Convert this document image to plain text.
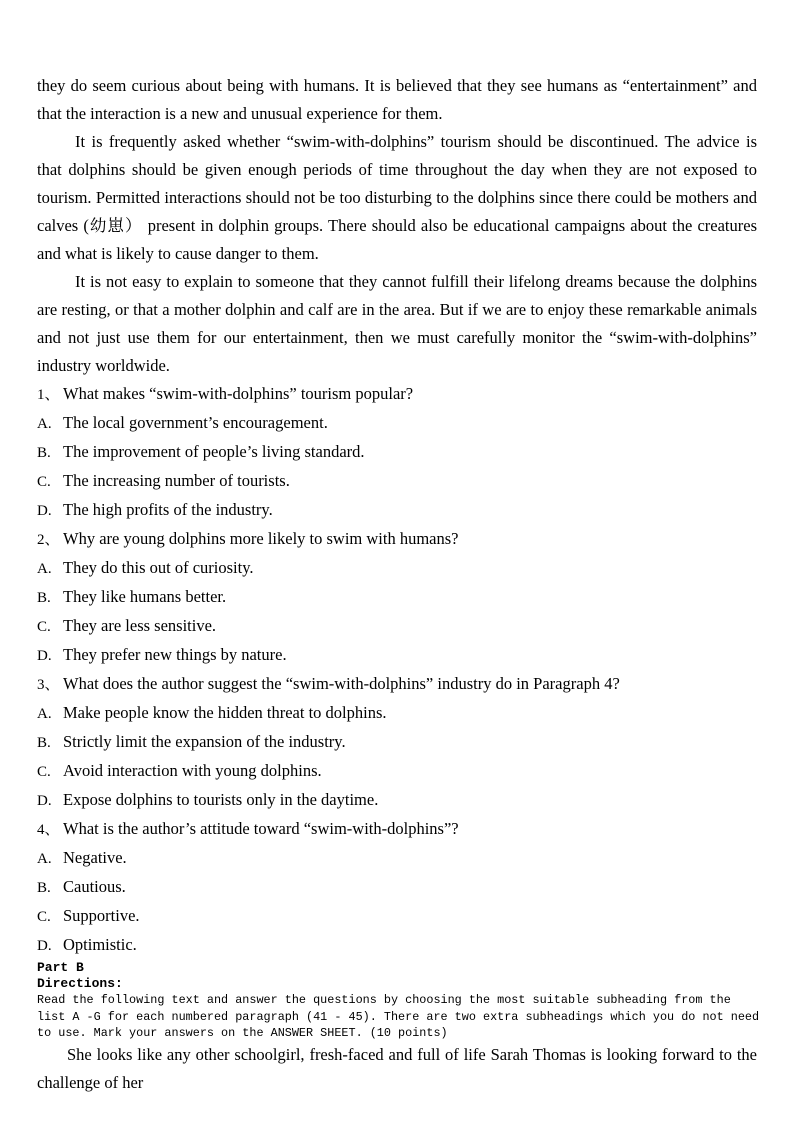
they do seem curious about being with humans. It is believed that they see humans as “entertainment” and that the interaction is a new and unusual experience for them.

It is frequently asked whether “swim-with-dolphins” tourism should be discontinued. The advice is that dolphins should be given enough periods of time throughout the day when they are not exposed to tourism. Permitted interactions should not be too disturbing to the dolphins since there could be mothers and calves (幼崽） present in dolphin groups. There should also be educational campaigns about the creatures and what is likely to cause danger to them.

It is not easy to explain to someone that they cannot fulfill their lifelong dreams because the dolphins are resting, or that a mother dolphin and calf are in the area. But if we are to enjoy these remarkable animals and not just use them for our entertainment, then we must carefully monitor the “swim-with-dolphins” industry worldwide.

1、 What makes “swim-with-dolphins” tourism popular?
A. The local government’s encouragement.
B. The improvement of people’s living standard.
C. The increasing number of tourists.
D. The high profits of the industry.
2、 Why are young dolphins more likely to swim with humans?
A. They do this out of curiosity.
B. They like humans better.
C. They are less sensitive.
D. They prefer new things by nature.
3、 What does the author suggest the “swim-with-dolphins” industry do in Paragraph 4?
A. Make people know the hidden threat to dolphins.
B. Strictly limit the expansion of the industry.
C. Avoid interaction with young dolphins.
D. Expose dolphins to tourists only in the daytime.
4、 What is the author’s attitude toward “swim-with-dolphins”?
A. Negative.
B. Cautious.
C. Supportive.
D. Optimistic.
Part B
Directions:
Read the following text and answer the questions by choosing the most suitable subheading from the
list A -G for each numbered paragraph (41 - 45). There are two extra subheadings which you do not need
to use. Mark your answers on the ANSWER SHEET. (10 points)

She looks like any other schoolgirl, fresh-faced and full of life Sarah Thomas is looking forward to the challenge of her
